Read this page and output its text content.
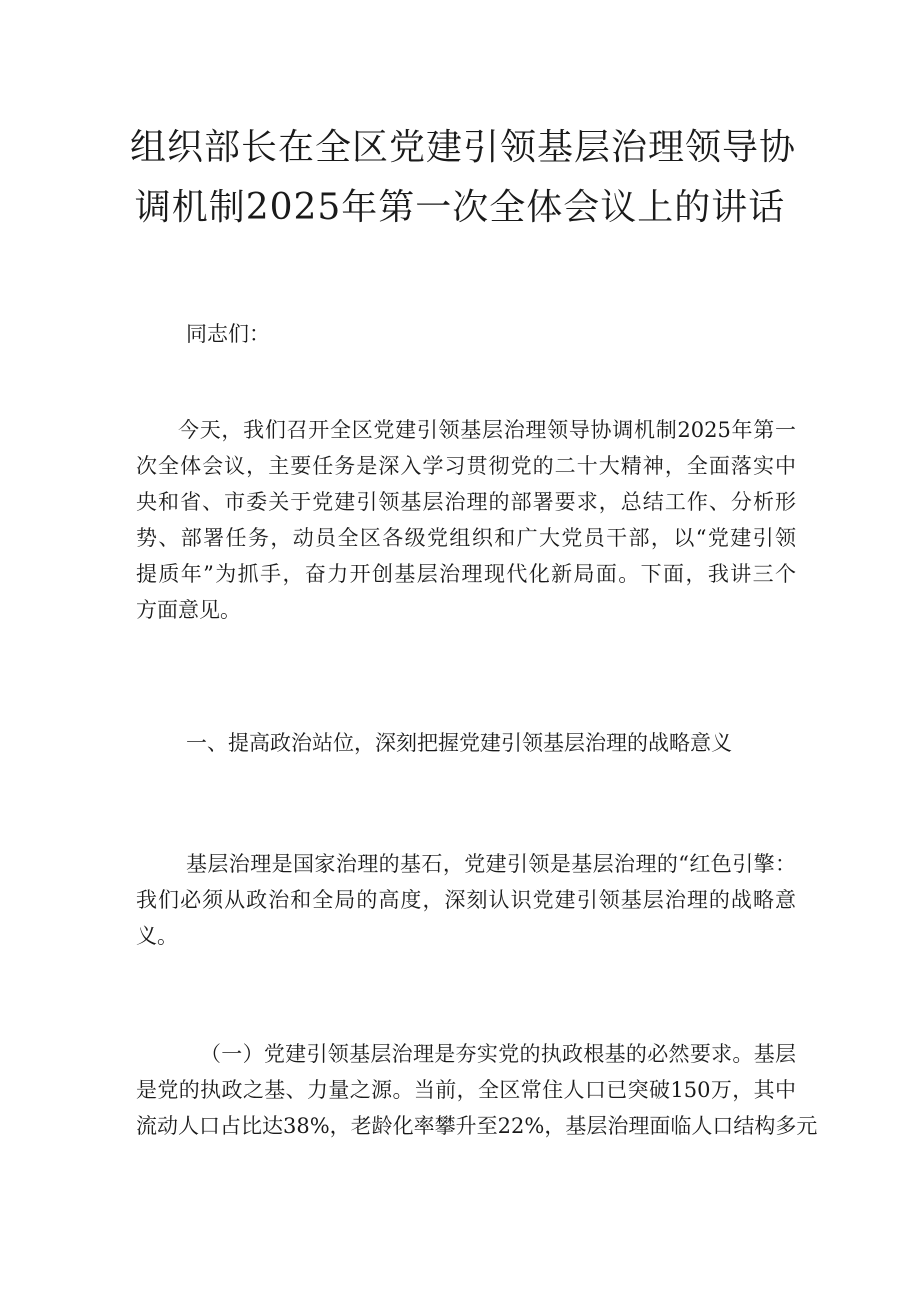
组织部长在全区党建引领基层治理领导协
调机制2025年第一次全体会议上的讲话

同志们：

今天，我们召开全区党建引领基层治理领导协调机制2025年第一
次全体会议，主要任务是深入学习贯彻党的二十大精神，全面落实中
央和省、市委关于党建引领基层治理的部署要求，总结工作、分析形
势、部署任务，动员全区各级党组织和广大党员干部，以“党建引领
提质年”为抓手，奋力开创基层治理现代化新局面。下面，我讲三个
方面意见。

一、提高政治站位，深刻把握党建引领基层治理的战略意义

基层治理是国家治理的基石，党建引领是基层治理的“红色引擎：
我们必须从政治和全局的高度，深刻认识党建引领基层治理的战略意
义。
（一）党建引领基层治理是夯实党的执政根基的必然要求。基层
是党的执政之基、力量之源。当前，全区常住人口已突破150万，其中
流动人口占比达38%，老龄化率攀升至22%，基层治理面临人口结构多元
